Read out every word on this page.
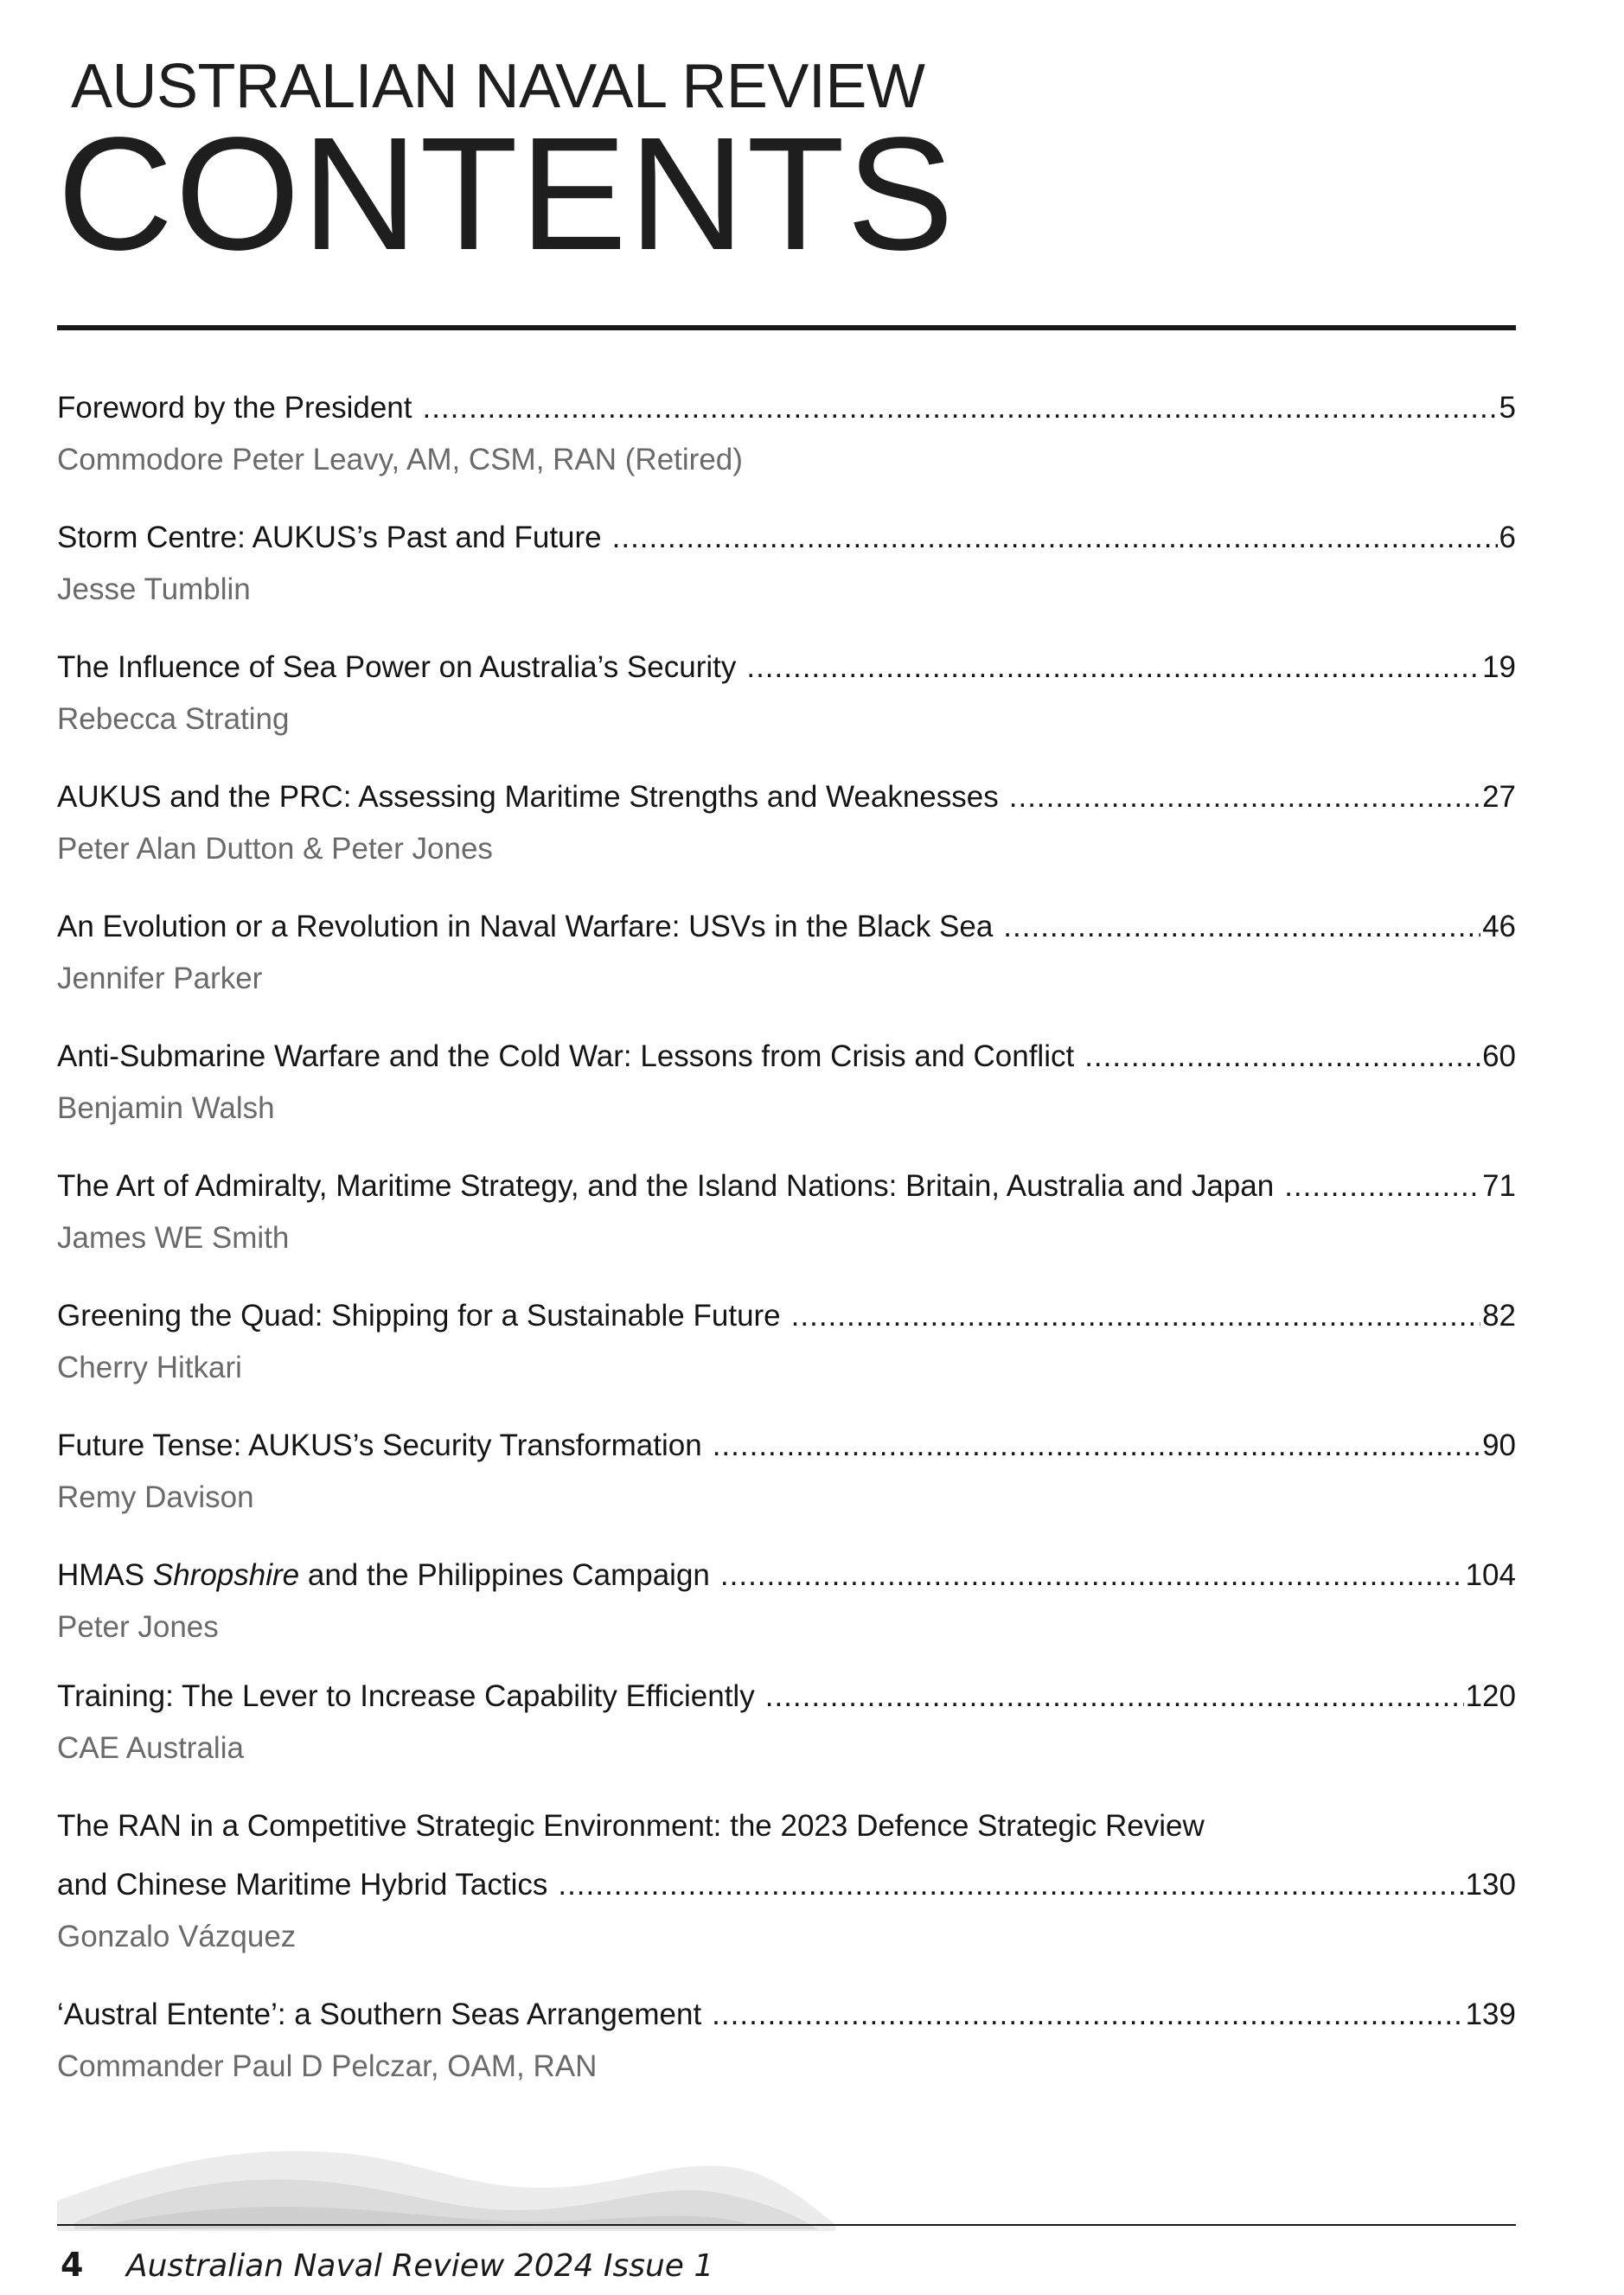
AUSTRALIAN NAVAL REVIEW
CONTENTS
Foreword by the President .....	5
Commodore Peter Leavy, AM, CSM, RAN (Retired)
Storm Centre: AUKUS’s Past and Future .....	6
Jesse Tumblin
The Influence of Sea Power on Australia’s Security .....	19
Rebecca Strating
AUKUS and the PRC: Assessing Maritime Strengths and Weaknesses .....	27
Peter Alan Dutton & Peter Jones
An Evolution or a Revolution in Naval Warfare: USVs in the Black Sea .....	46
Jennifer Parker
Anti-Submarine Warfare and the Cold War: Lessons from Crisis and Conflict .....	60
Benjamin Walsh
The Art of Admiralty, Maritime Strategy, and the Island Nations: Britain, Australia and Japan .....	71
James WE Smith
Greening the Quad: Shipping for a Sustainable Future .....	82
Cherry Hitkari
Future Tense: AUKUS’s Security Transformation .....	90
Remy Davison
HMAS Shropshire and the Philippines Campaign .....	104
Peter Jones
Training: The Lever to Increase Capability Efficiently .....	120
CAE Australia
The RAN in a Competitive Strategic Environment: the 2023 Defence Strategic Review
and Chinese Maritime Hybrid Tactics .....	130
Gonzalo Vázquez
‘Austral Entente’: a Southern Seas Arrangement .....	139
Commander Paul D Pelczar, OAM, RAN
4 Australian Naval Review 2024 Issue 1
